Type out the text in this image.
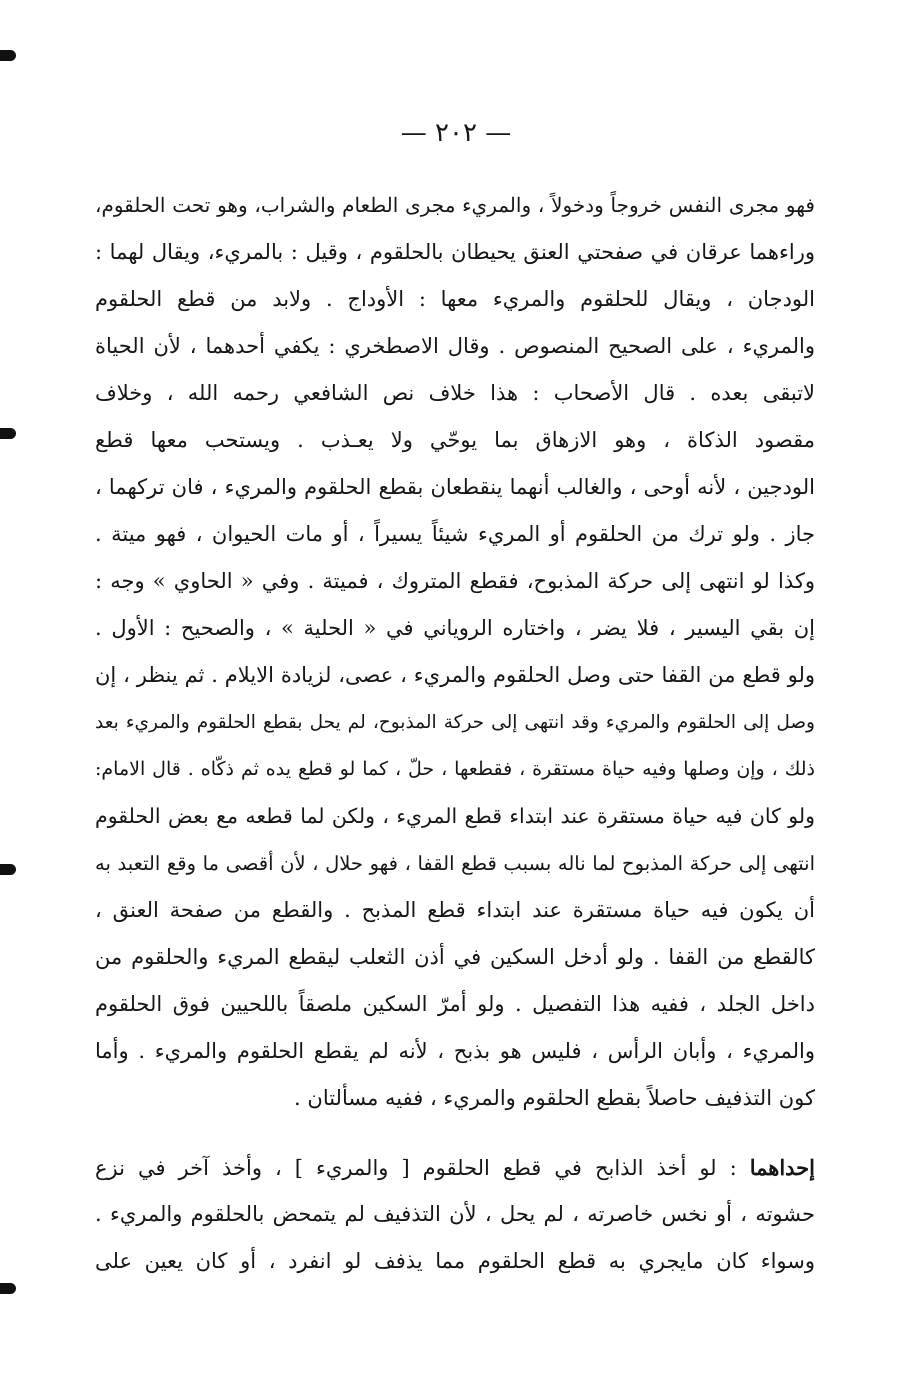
— ٢٠٢ —
فهو مجرى النفس خروجاً ودخولاً ، والمريء مجرى الطعام والشراب، وهو تحت الحلقوم،
وراءهما عرقان في صفحتي العنق يحيطان بالحلقوم ، وقيل : بالمريء، ويقال لهما :
الودجان ، ويقال للحلقوم والمريء معها : الأوداج . ولابد من قطع الحلقوم
والمريء ، على الصحيح المنصوص . وقال الاصطخري : يكفي أحدهما ، لأن الحياة
لاتبقى بعده . قال الأصحاب : هذا خلاف نص الشافعي رحمه الله ، وخلاف
مقصود الذكاة ، وهو الازهاق بما يوحّي ولا يعـذب . ويستحب معها قطع
الودجين ، لأنه أوحى ، والغالب أنهما ينقطعان بقطع الحلقوم والمريء ، فان تركهما ،
جاز . ولو ترك من الحلقوم أو المريء شيئاً يسيراً ، أو مات الحيوان ، فهو ميتة .
وكذا لو انتهى إلى حركة المذبوح، فقطع المتروك ، فميتة . وفي « الحاوي » وجه :
إن بقي اليسير ، فلا يضر ، واختاره الروياني في « الحلية » ، والصحيح : الأول .
ولو قطع من القفا حتى وصل الحلقوم والمريء ، عصى، لزيادة الايلام . ثم ينظر ، إن
وصل إلى الحلقوم والمريء وقد انتهى إلى حركة المذبوح، لم يحل بقطع الحلقوم والمريء بعد
ذلك ، وإن وصلها وفيه حياة مستقرة ، فقطعها ، حلّ ، كما لو قطع يده ثم ذكّاه . قال الامام:
ولو كان فيه حياة مستقرة عند ابتداء قطع المريء ، ولكن لما قطعه مع بعض الحلقوم
انتهى إلى حركة المذبوح لما ناله بسبب قطع القفا ، فهو حلال ، لأن أقصى ما وقع التعبد به
أن يكون فيه حياة مستقرة عند ابتداء قطع المذبح . والقطع من صفحة العنق ،
كالقطع من القفا . ولو أدخل السكين في أذن الثعلب ليقطع المريء والحلقوم من
داخل الجلد ، ففيه هذا التفصيل . ولو أمرّ السكين ملصقاً باللحيين فوق الحلقوم
والمريء ، وأبان الرأس ، فليس هو بذبح ، لأنه لم يقطع الحلقوم والمريء . وأما
كون التذفيف حاصلاً بقطع الحلقوم والمريء ، ففيه مسألتان .
إحداهما : لو أخذ الذابح في قطع الحلقوم [ والمريء ] ، وأخذ آخر في نزع
حشوته ، أو نخس خاصرته ، لم يحل ، لأن التذفيف لم يتمحض بالحلقوم والمريء .
وسواء كان مايجري به قطع الحلقوم مما يذفف لو انفرد ، أو كان يعين على
